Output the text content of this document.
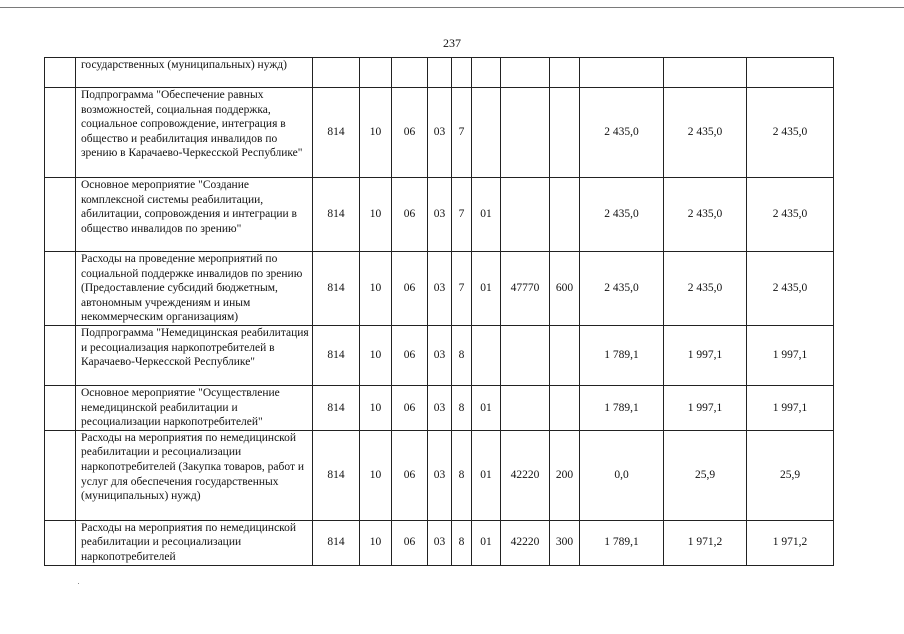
237
	государственных (муниципальных) нужд)											
	Подпрограмма "Обеспечение равных возможностей, социальная поддержка, социальное сопровождение, интеграция в общество и реабилитация инвалидов по зрению в Карачаево-Черкесской Республике"	814	10	06	03	7				2 435,0	2 435,0	2 435,0
	Основное мероприятие "Создание комплексной системы реабилитации, абилитации, сопровождения и интеграции в общество инвалидов по зрению"	814	10	06	03	7	01			2 435,0	2 435,0	2 435,0
	Расходы на проведение мероприятий по социальной поддержке инвалидов по зрению (Предоставление субсидий бюджетным, автономным учреждениям и иным некоммерческим организациям)	814	10	06	03	7	01	47770	600	2 435,0	2 435,0	2 435,0
	Подпрограмма "Немедицинская реабилитация и ресоциализация наркопотребителей в Карачаево-Черкесской Республике"	814	10	06	03	8				1 789,1	1 997,1	1 997,1
	Основное мероприятие "Осуществление немедицинской реабилитации и ресоциализации наркопотребителей"	814	10	06	03	8	01			1 789,1	1 997,1	1 997,1
	Расходы на мероприятия по немедицинской реабилитации и ресоциализации наркопотребителей (Закупка товаров, работ и услуг для обеспечения государственных (муниципальных) нужд)	814	10	06	03	8	01	42220	200	0,0	25,9	25,9
	Расходы на мероприятия по немедицинской реабилитации и ресоциализации наркопотребителей	814	10	06	03	8	01	42220	300	1 789,1	1 971,2	1 971,2
